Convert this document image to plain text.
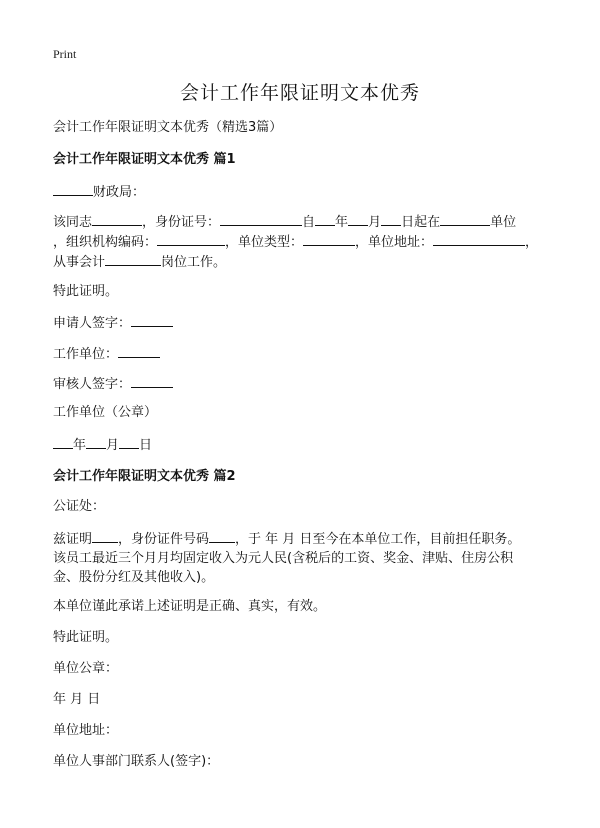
Print
会计工作年限证明文本优秀
会计工作年限证明文本优秀（精选3篇）
会计工作年限证明文本优秀 篇1
财政局：
该同志	，身份证号：	自 年 月 日起在	单位
，组织机构编码：	，单位类型：	，单位地址：	，
从事会计	岗位工作。
特此证明。
申请人签字：
工作单位：
审核人签字：
工作单位（公章）
年 月 日
会计工作年限证明文本优秀 篇2
公证处：
兹证明 ，身份证件号码 ，于 年 月 日至今在本单位工作，目前担任职务。
该员工最近三个月月均固定收入为元人民(含税后的工资、奖金、津贴、住房公积
金、股份分红及其他收入)。
本单位谨此承诺上述证明是正确、真实，有效。
特此证明。
单位公章：
年 月 日
单位地址：
单位人事部门联系人(签字)：
